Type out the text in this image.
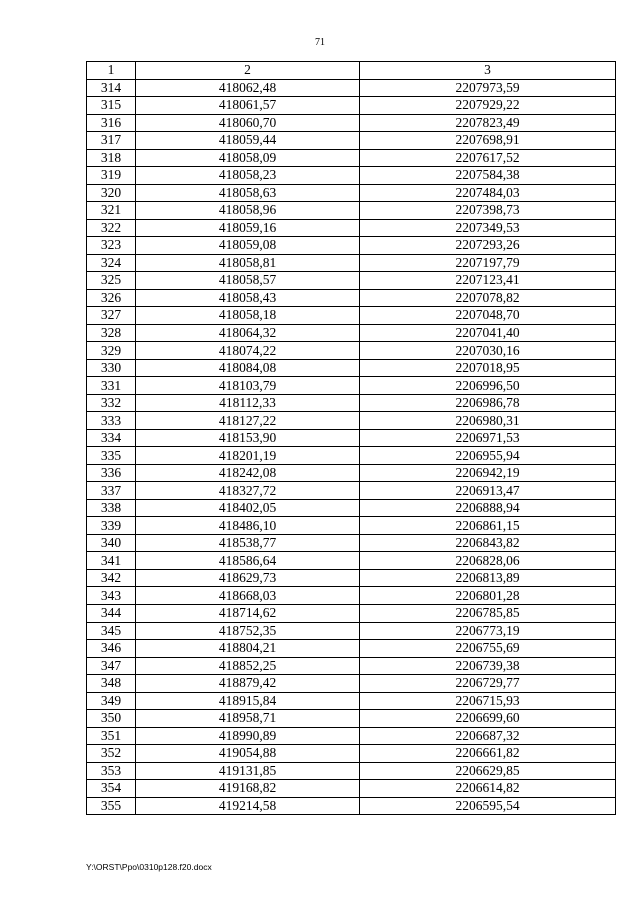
71
1	2	3
314	418062,48	2207973,59
315	418061,57	2207929,22
316	418060,70	2207823,49
317	418059,44	2207698,91
318	418058,09	2207617,52
319	418058,23	2207584,38
320	418058,63	2207484,03
321	418058,96	2207398,73
322	418059,16	2207349,53
323	418059,08	2207293,26
324	418058,81	2207197,79
325	418058,57	2207123,41
326	418058,43	2207078,82
327	418058,18	2207048,70
328	418064,32	2207041,40
329	418074,22	2207030,16
330	418084,08	2207018,95
331	418103,79	2206996,50
332	418112,33	2206986,78
333	418127,22	2206980,31
334	418153,90	2206971,53
335	418201,19	2206955,94
336	418242,08	2206942,19
337	418327,72	2206913,47
338	418402,05	2206888,94
339	418486,10	2206861,15
340	418538,77	2206843,82
341	418586,64	2206828,06
342	418629,73	2206813,89
343	418668,03	2206801,28
344	418714,62	2206785,85
345	418752,35	2206773,19
346	418804,21	2206755,69
347	418852,25	2206739,38
348	418879,42	2206729,77
349	418915,84	2206715,93
350	418958,71	2206699,60
351	418990,89	2206687,32
352	419054,88	2206661,82
353	419131,85	2206629,85
354	419168,82	2206614,82
355	419214,58	2206595,54
Y:\ORST\Ppo\0310p128.f20.docx
